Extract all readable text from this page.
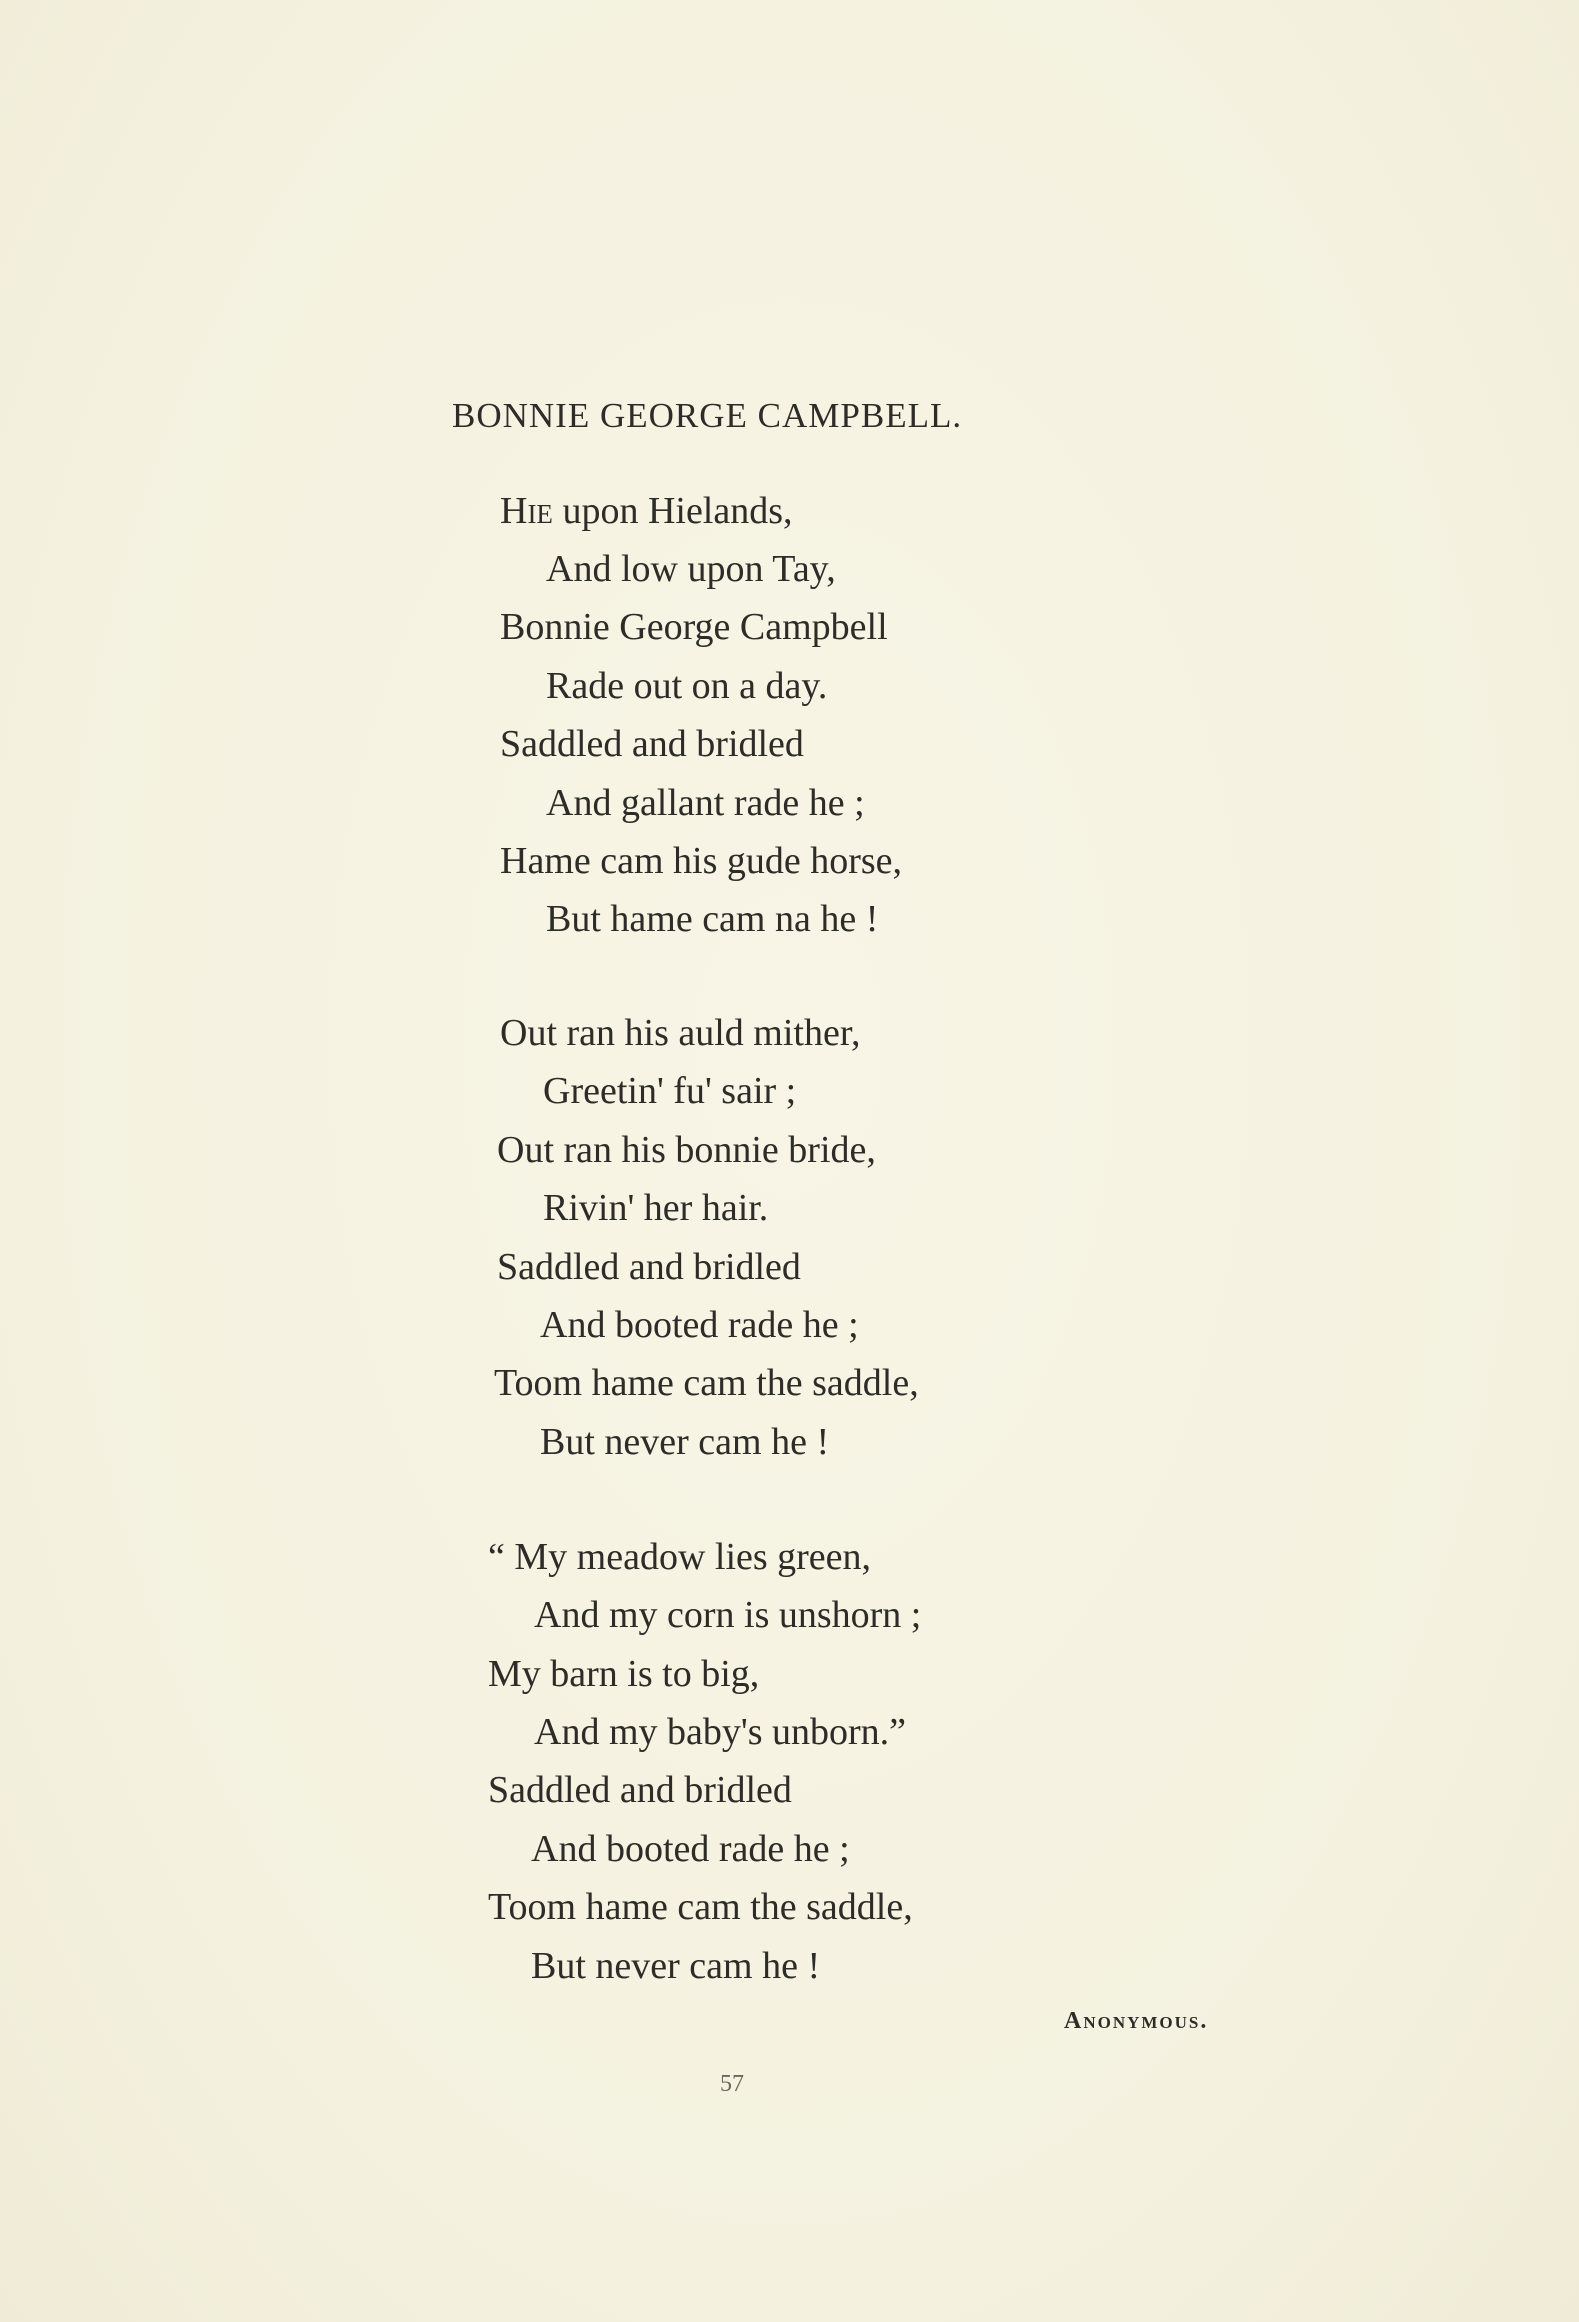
BONNIE GEORGE CAMPBELL.
Hie upon Hielands,
And low upon Tay,
Bonnie George Campbell
Rade out on a day.
Saddled and bridled
And gallant rade he ;
Hame cam his gude horse,
But hame cam na he !
Out ran his auld mither,
Greetin' fu' sair ;
Out ran his bonnie bride,
Rivin' her hair.
Saddled and bridled
And booted rade he ;
Toom hame cam the saddle,
But never cam he !
“ My meadow lies green,
And my corn is unshorn ;
My barn is to big,
And my baby's unborn.”
Saddled and bridled
And booted rade he ;
Toom hame cam the saddle,
But never cam he !
Anonymous.
57
